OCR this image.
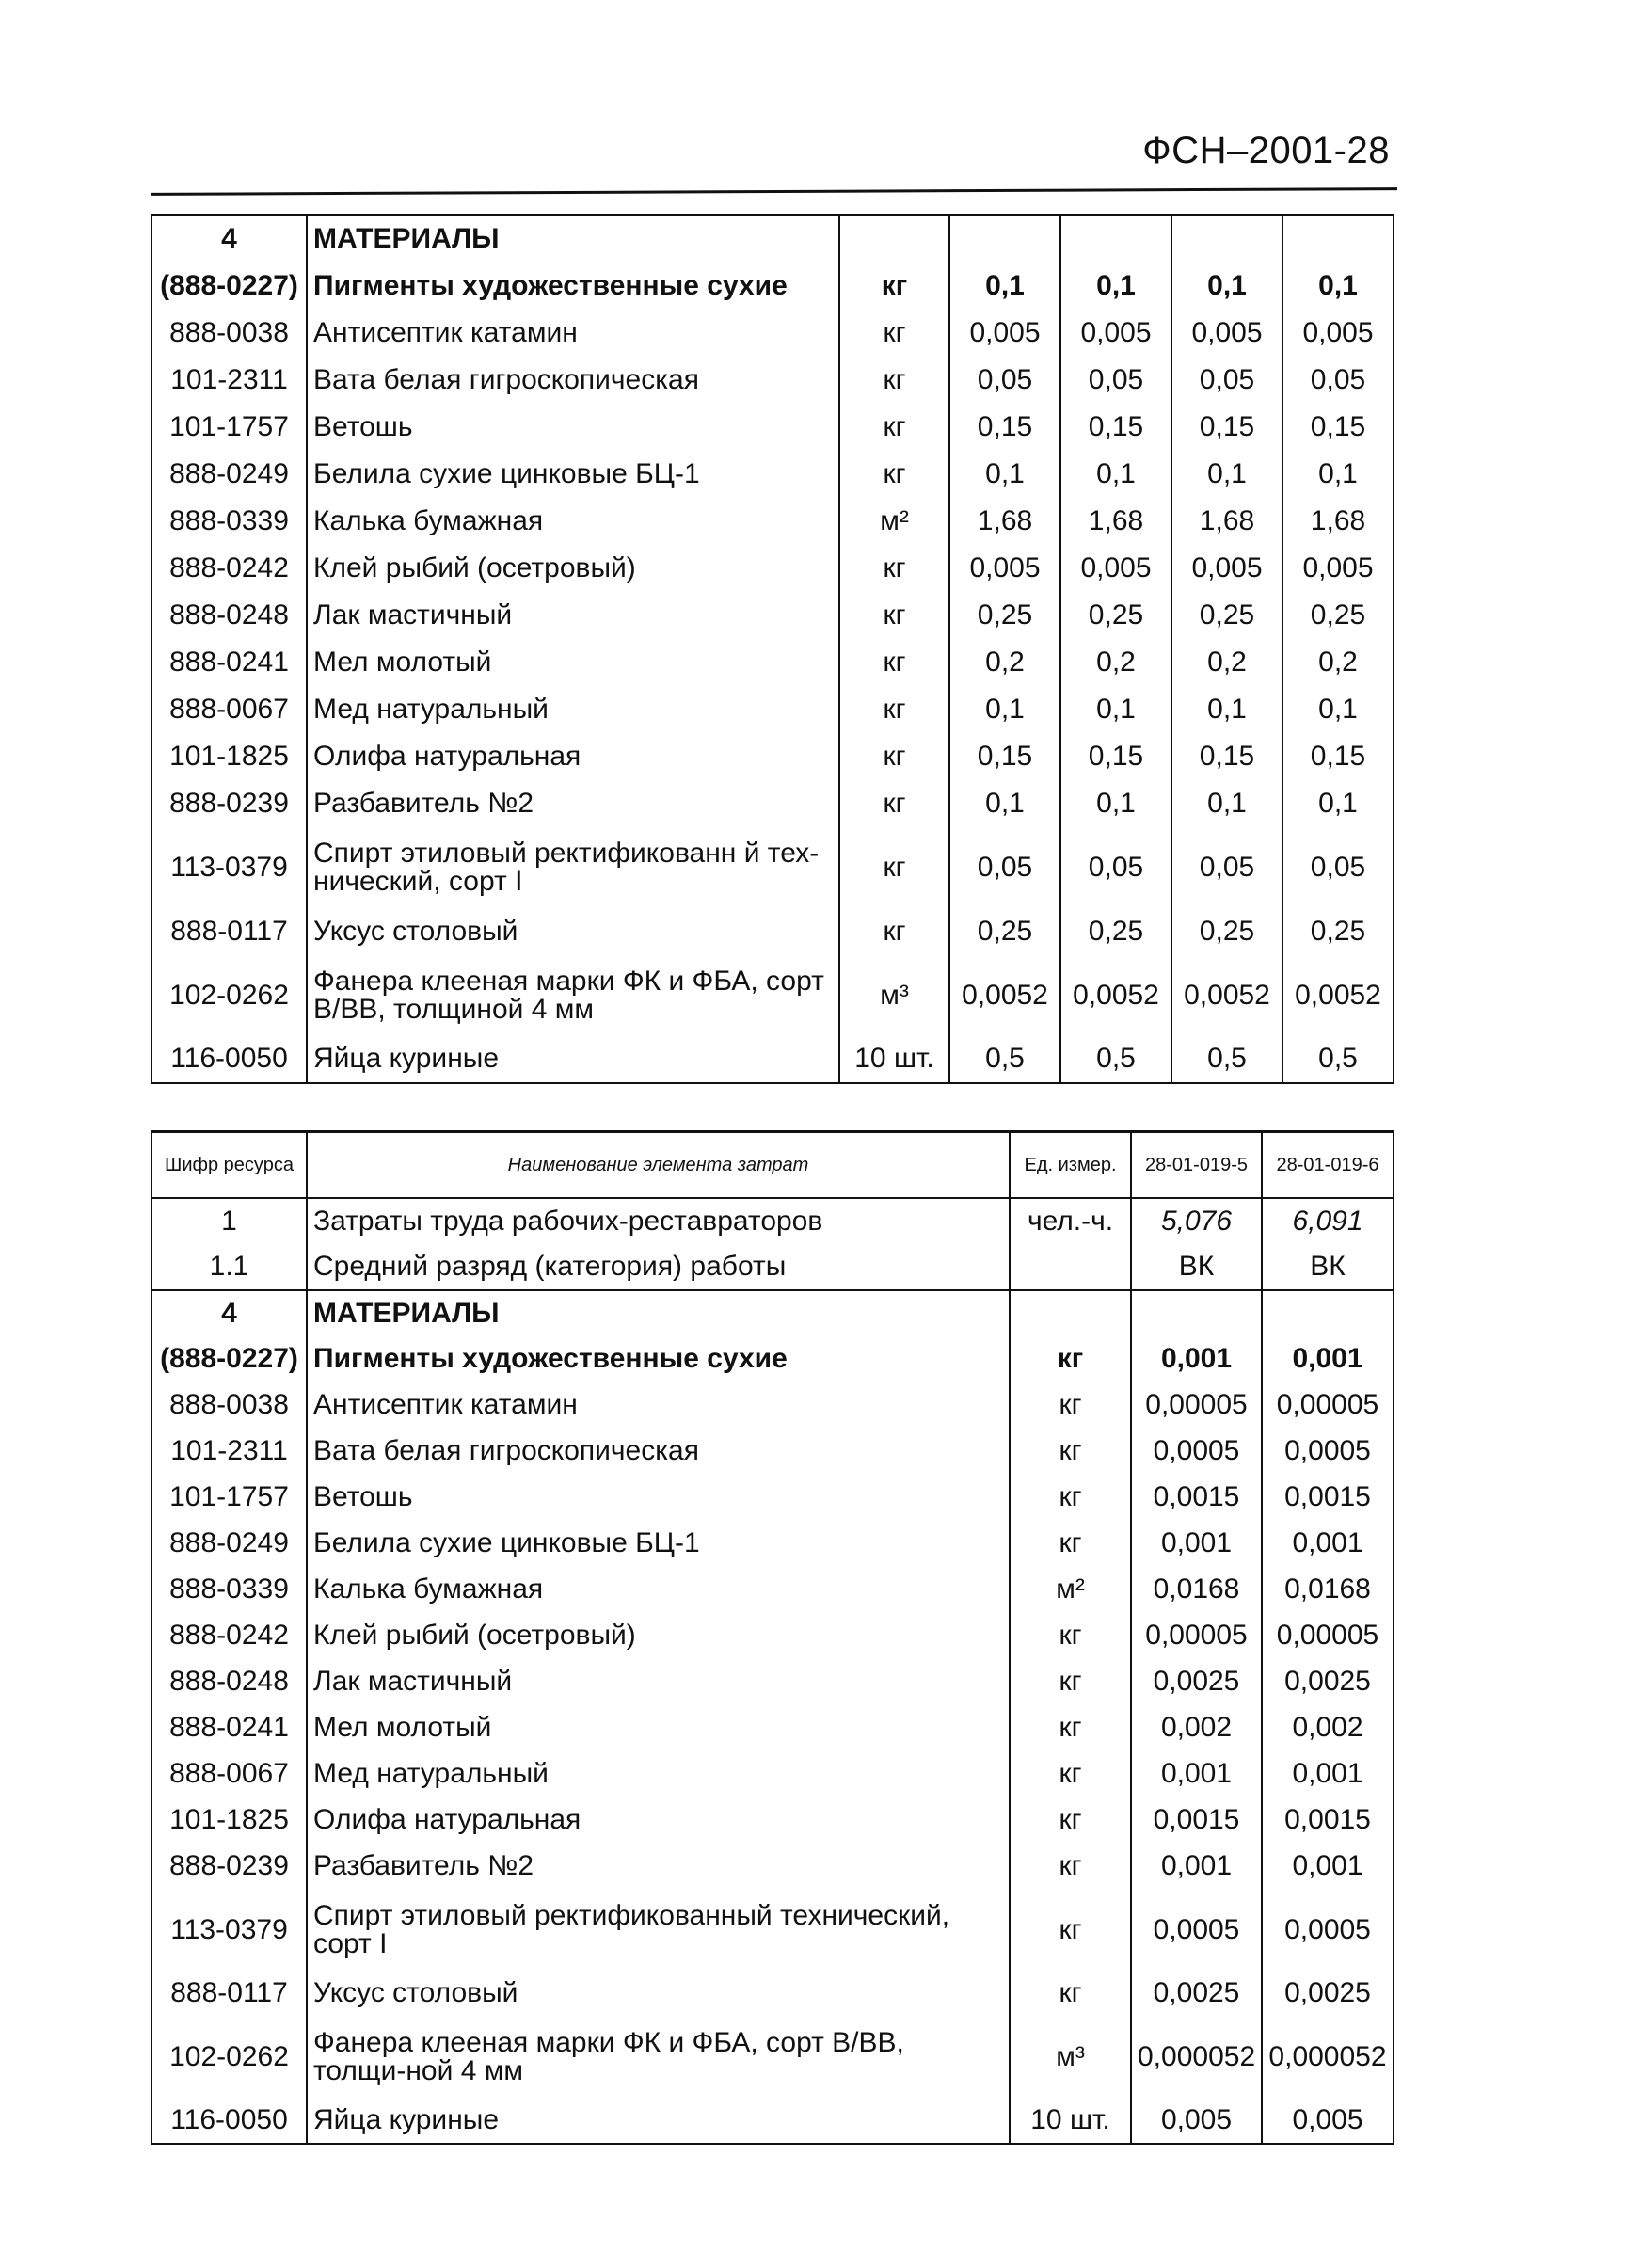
ФСН–2001-28
4	МАТЕРИАЛЫ					
(888-0227)	Пигменты художественные сухие	кг	0,1	0,1	0,1	0,1
888-0038	Антисептик катамин	кг	0,005	0,005	0,005	0,005
101-2311	Вата белая гигроскопическая	кг	0,05	0,05	0,05	0,05
101-1757	Ветошь	кг	0,15	0,15	0,15	0,15
888-0249	Белила сухие цинковые БЦ-1	кг	0,1	0,1	0,1	0,1
888-0339	Калька бумажная	м²	1,68	1,68	1,68	1,68
888-0242	Клей рыбий (осетровый)	кг	0,005	0,005	0,005	0,005
888-0248	Лак мастичный	кг	0,25	0,25	0,25	0,25
888-0241	Мел молотый	кг	0,2	0,2	0,2	0,2
888-0067	Мед натуральный	кг	0,1	0,1	0,1	0,1
101-1825	Олифа натуральная	кг	0,15	0,15	0,15	0,15
888-0239	Разбавитель №2	кг	0,1	0,1	0,1	0,1
113-0379	Спирт этиловый ректификованн й тех-нический, сорт I	кг	0,05	0,05	0,05	0,05
888-0117	Уксус столовый	кг	0,25	0,25	0,25	0,25
102-0262	Фанера клееная марки ФК и ФБА, сорт В/ВВ, толщиной 4 мм	м³	0,0052	0,0052	0,0052	0,0052
116-0050	Яйца куриные	10 шт.	0,5	0,5	0,5	0,5
Шифр ресурса	Наименование элемента затрат	Ед. измер.	28-01-019-5	28-01-019-6
1	Затраты труда рабочих-реставраторов	чел.-ч.	5,076	6,091
1.1	Средний разряд (категория) работы		ВК	ВК
4	МАТЕРИАЛЫ			
(888-0227)	Пигменты художественные сухие	кг	0,001	0,001
888-0038	Антисептик катамин	кг	0,00005	0,00005
101-2311	Вата белая гигроскопическая	кг	0,0005	0,0005
101-1757	Ветошь	кг	0,0015	0,0015
888-0249	Белила сухие цинковые БЦ-1	кг	0,001	0,001
888-0339	Калька бумажная	м²	0,0168	0,0168
888-0242	Клей рыбий (осетровый)	кг	0,00005	0,00005
888-0248	Лак мастичный	кг	0,0025	0,0025
888-0241	Мел молотый	кг	0,002	0,002
888-0067	Мед натуральный	кг	0,001	0,001
101-1825	Олифа натуральная	кг	0,0015	0,0015
888-0239	Разбавитель №2	кг	0,001	0,001
113-0379	Спирт этиловый ректификованный технический, сорт I	кг	0,0005	0,0005
888-0117	Уксус столовый	кг	0,0025	0,0025
102-0262	Фанера клееная марки ФК и ФБА, сорт В/ВВ, толщи-ной 4 мм	м³	0,000052	0,000052
116-0050	Яйца куриные	10 шт.	0,005	0,005
